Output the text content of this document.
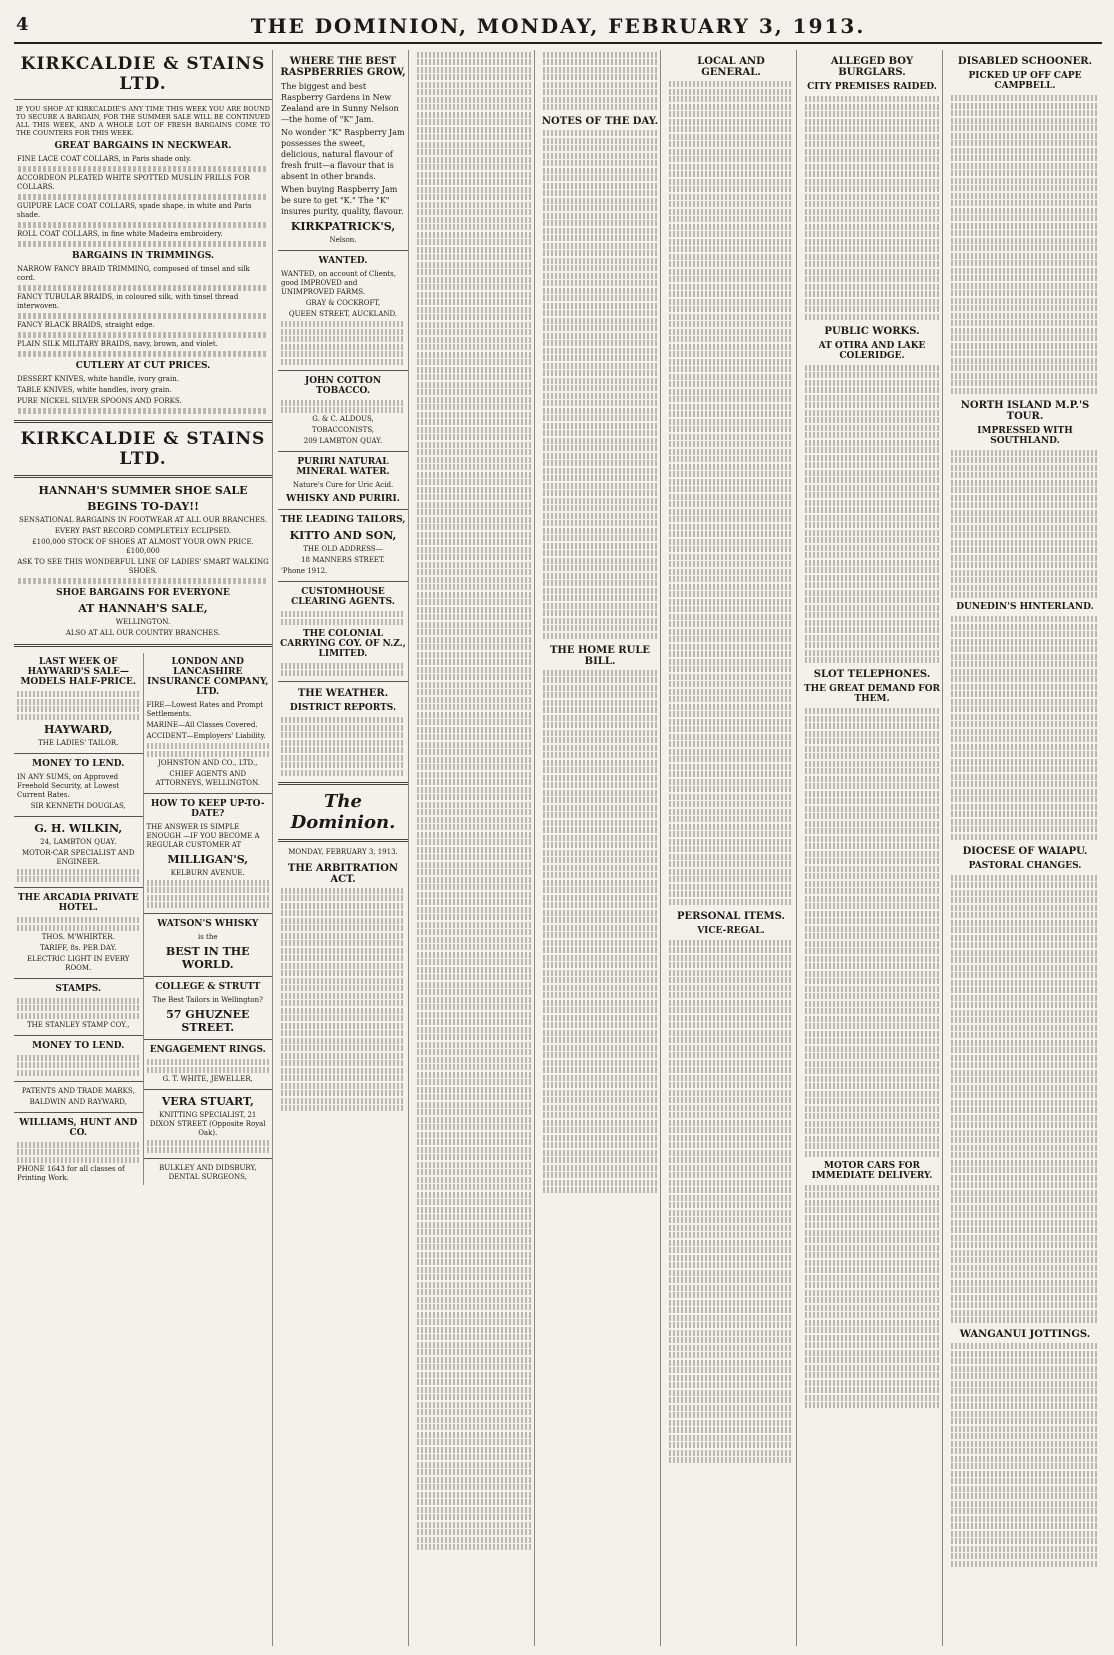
4	THE DOMINION, MONDAY, FEBRUARY 3, 1913.
KIRKCALDIE & STAINS LTD.
IF YOU SHOP AT KIRKCALDIE'S ANY TIME THIS WEEK YOU ARE BOUND TO SECURE A BARGAIN, FOR THE SUMMER SALE WILL BE CONTINUED ALL THIS WEEK, AND A WHOLE LOT OF FRESH BARGAINS COME TO THE COUNTERS FOR THIS WEEK.
GREAT BARGAINS IN NECKWEAR.
FINE LACE COAT COLLARS, in Paris shade only.
ACCORDEON PLEATED WHITE SPOTTED MUSLIN FRILLS FOR COLLARS.
GUIPURE LACE COAT COLLARS, spade shape, in white and Paris shade.
ROLL COAT COLLARS, in fine white Madeira embroidery.
BARGAINS IN TRIMMINGS.
NARROW FANCY BRAID TRIMMING, composed of tinsel and silk cord.
FANCY TUBULAR BRAIDS, in coloured silk, with tinsel thread interwoven.
FANCY BLACK BRAIDS, straight edge.
PLAIN SILK MILITARY BRAIDS, navy, brown, and violet.
CUTLERY AT CUT PRICES.
DESSERT KNIVES, white handle, ivory grain.
TABLE KNIVES, white handles, ivory grain.
PURE NICKEL SILVER SPOONS AND FORKS.
KIRKCALDIE & STAINS LTD.
HANNAH'S SUMMER SHOE SALE
BEGINS TO-DAY!!
SENSATIONAL BARGAINS IN FOOTWEAR AT ALL OUR BRANCHES.
EVERY PAST RECORD COMPLETELY ECLIPSED.
£100,000 STOCK OF SHOES AT ALMOST YOUR OWN PRICE. £100,000
ASK TO SEE THIS WONDERFUL LINE OF LADIES' SMART WALKING SHOES.
SHOE BARGAINS FOR EVERYONE
AT HANNAH'S SALE,
WELLINGTON.
ALSO AT ALL OUR COUNTRY BRANCHES.
LAST WEEK OF HAYWARD'S SALE—MODELS HALF-PRICE.
HAYWARD,
THE LADIES' TAILOR.
MONEY TO LEND.
IN ANY SUMS, on Approved Freehold Security, at Lowest Current Rates.
SIR KENNETH DOUGLAS,
G. H. WILKIN,
24, LAMBTON QUAY.
MOTOR-CAR SPECIALIST AND ENGINEER.
THE ARCADIA PRIVATE HOTEL.
THOS. M'WHIRTER.
TARIFF, 8s. PER DAY.
ELECTRIC LIGHT IN EVERY ROOM.
STAMPS.
THE STANLEY STAMP COY.,
MONEY TO LEND.
PATENTS AND TRADE MARKS,
BALDWIN AND RAYWARD,
WILLIAMS, HUNT AND CO.
PHONE 1643 for all classes of Printing Work.
LONDON AND LANCASHIRE INSURANCE COMPANY, LTD.
FIRE—Lowest Rates and Prompt Settlements.
MARINE—All Classes Covered.
ACCIDENT—Employers' Liability.
JOHNSTON AND CO., LTD.,
CHIEF AGENTS AND ATTORNEYS, WELLINGTON.
HOW TO KEEP UP-TO-DATE?
THE ANSWER IS SIMPLE ENOUGH —IF YOU BECOME A REGULAR CUSTOMER AT
MILLIGAN'S,
KELBURN AVENUE.
WATSON'S WHISKY
is the
BEST IN THE WORLD.
COLLEGE & STRUTT
The Best Tailors in Wellington?
57 GHUZNEE STREET.
ENGAGEMENT RINGS.
G. T. WHITE, JEWELLER,
VERA STUART,
KNITTING SPECIALIST, 21 DIXON STREET (Opposite Royal Oak).
BULKLEY AND DIDSBURY, DENTAL SURGEONS,
WHERE THE BEST RASPBERRIES GROW,
The biggest and best Raspberry Gardens in New Zealand are in Sunny Nelson—the home of "K" Jam.
No wonder "K" Raspberry Jam possesses the sweet, delicious, natural flavour of fresh fruit—a flavour that is absent in other brands.
When buying Raspberry Jam be sure to get "K." The "K" insures purity, quality, flavour.
KIRKPATRICK'S,
Nelson.
WANTED.
WANTED, on account of Clients, good IMPROVED and UNIMPROVED FARMS.
GRAY & COCKROFT,
QUEEN STREET, AUCKLAND.
JOHN COTTON TOBACCO.
G. & C. ALDOUS,
TOBACCONISTS,
209 LAMBTON QUAY.
PURIRI NATURAL MINERAL WATER.
Nature's Cure for Uric Acid.
WHISKY AND PURIRI.
THE LEADING TAILORS,
KITTO AND SON,
THE OLD ADDRESS—
18 MANNERS STREET.
'Phone 1912.
CUSTOMHOUSE CLEARING AGENTS.
THE COLONIAL CARRYING COY. OF N.Z., LIMITED.
THE WEATHER.
DISTRICT REPORTS.
The Dominion.
MONDAY, FEBRUARY 3, 1913.
THE ARBITRATION ACT.
NOTES OF THE DAY.
THE HOME RULE BILL.
LOCAL AND GENERAL.
PERSONAL ITEMS.
VICE-REGAL.
ALLEGED BOY BURGLARS.
CITY PREMISES RAIDED.
PUBLIC WORKS.
AT OTIRA AND LAKE COLERIDGE.
SLOT TELEPHONES.
THE GREAT DEMAND FOR THEM.
MOTOR CARS FOR IMMEDIATE DELIVERY.
DISABLED SCHOONER.
PICKED UP OFF CAPE CAMPBELL.
NORTH ISLAND M.P.'S TOUR.
IMPRESSED WITH SOUTHLAND.
DUNEDIN'S HINTERLAND.
DIOCESE OF WAIAPU.
PASTORAL CHANGES.
WANGANUI JOTTINGS.
